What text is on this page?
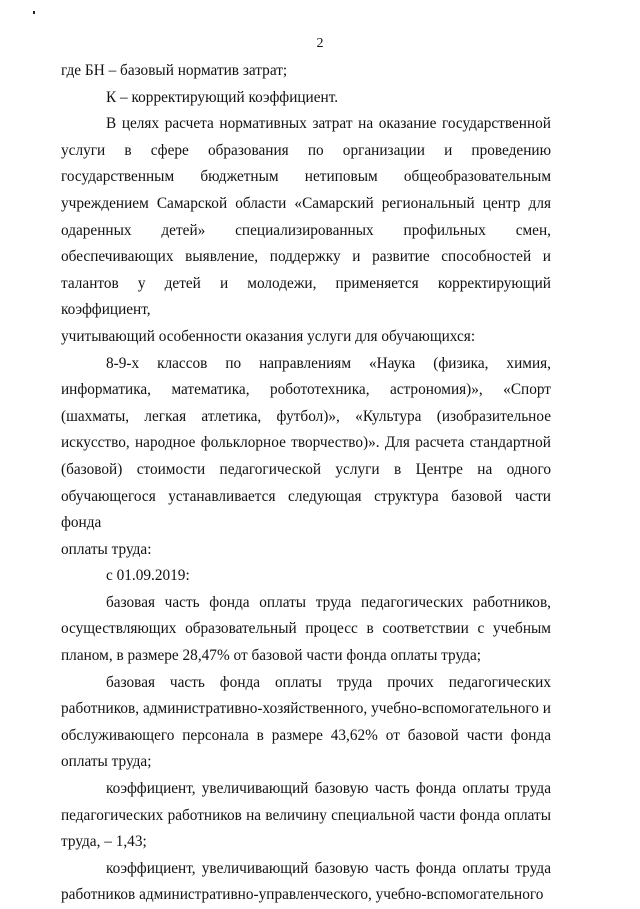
2

где БН – базовый норматив затрат;

К – корректирующий коэффициент.

В целях расчета нормативных затрат на оказание государственной

услуги в сфере образования по организации и проведению

государственным бюджетным нетиповым общеобразовательным

учреждением Самарской области «Самарский региональный центр для

одаренных детей» специализированных профильных смен,

обеспечивающих выявление, поддержку и развитие способностей и

талантов у детей и молодежи, применяется корректирующий коэффициент,

учитывающий особенности оказания услуги для обучающихся:

8-9-х классов по направлениям «Наука (физика, химия,

информатика, математика, робототехника, астрономия)», «Спорт

(шахматы, легкая атлетика, футбол)», «Культура (изобразительное

искусство, народное фольклорное творчество)». Для расчета стандартной

(базовой) стоимости педагогической услуги в Центре на одного

обучающегося устанавливается следующая структура базовой части фонда

оплаты труда:

с 01.09.2019:

базовая часть фонда оплаты труда педагогических работников,

осуществляющих образовательный процесс в соответствии с учебным

планом, в размере 28,47% от базовой части фонда оплаты труда;

базовая часть фонда оплаты труда прочих педагогических

работников, административно-хозяйственного, учебно-вспомогательного и

обслуживающего персонала в размере 43,62% от базовой части фонда

оплаты труда;

коэффициент, увеличивающий базовую часть фонда оплаты труда

педагогических работников на величину специальной части фонда оплаты

труда, – 1,43;

коэффициент, увеличивающий базовую часть фонда оплаты труда

работников административно-управленческого, учебно-вспомогательного
